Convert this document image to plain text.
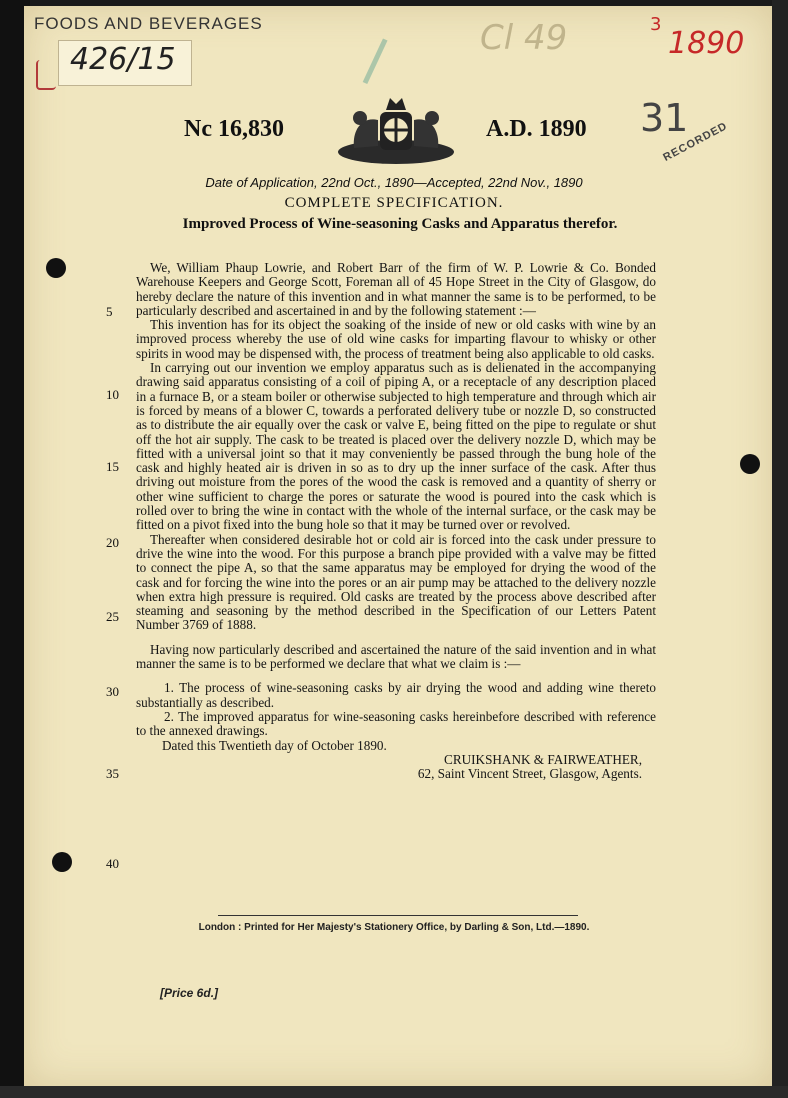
FOODS AND BEVERAGES
426/15
Cl 49	3
1890
31
RECORDED
Nc 16,830	A.D. 1890
Date of Application, 22nd Oct., 1890—Accepted, 22nd Nov., 1890
COMPLETE SPECIFICATION.
Improved Process of Wine-seasoning Casks and Apparatus therefor.

We, William Phaup Lowrie, and Robert Barr of the firm of W. P. Lowrie & Co. Bonded Warehouse Keepers and George Scott, Foreman all of 45 Hope Street in the City of Glasgow, do hereby declare the nature of this invention and in what manner the same is to be performed, to be particularly described and ascertained in and by the following statement :—

This invention has for its object the soaking of the inside of new or old casks with wine by an improved process whereby the use of old wine casks for imparting flavour to whisky or other spirits in wood may be dispensed with, the process of treatment being also applicable to old casks.

In carrying out our invention we employ apparatus such as is delienated in the accompanying drawing said apparatus consisting of a coil of piping A, or a receptacle of any description placed in a furnace B, or a steam boiler or otherwise subjected to high temperature and through which air is forced by means of a blower C, towards a perforated delivery tube or nozzle D, so constructed as to distribute the air equally over the cask or valve E, being fitted on the pipe to regulate or shut off the hot air supply. The cask to be treated is placed over the delivery nozzle D, which may be fitted with a universal joint so that it may conveniently be passed through the bung hole of the cask and highly heated air is driven in so as to dry up the inner surface of the cask. After thus driving out moisture from the pores of the wood the cask is removed and a quantity of sherry or other wine sufficient to charge the pores or saturate the wood is poured into the cask which is rolled over to bring the wine in contact with the whole of the internal surface, or the cask may be fitted on a pivot fixed into the bung hole so that it may be turned over or revolved.

Thereafter when considered desirable hot or cold air is forced into the cask under pressure to drive the wine into the wood. For this purpose a branch pipe provided with a valve may be fitted to connect the pipe A, so that the same apparatus may be employed for drying the wood of the cask and for forcing the wine into the pores or an air pump may be attached to the delivery nozzle when extra high pressure is required. Old casks are treated by the process above described after steaming and seasoning by the method described in the Specification of our Letters Patent Number 3769 of 1888.

Having now particularly described and ascertained the nature of the said invention and in what manner the same is to be performed we declare that what we claim is :—

1. The process of wine-seasoning casks by air drying the wood and adding wine thereto substantially as described.

2. The improved apparatus for wine-seasoning casks hereinbefore described with reference to the annexed drawings.

Dated this Twentieth day of October 1890.

CRUIKSHANK & FAIRWEATHER,

62, Saint Vincent Street, Glasgow, Agents.

5
10
15
20
25
30
35
40
London : Printed for Her Majesty's Stationery Office, by Darling & Son, Ltd.—1890.
[Price 6d.]
